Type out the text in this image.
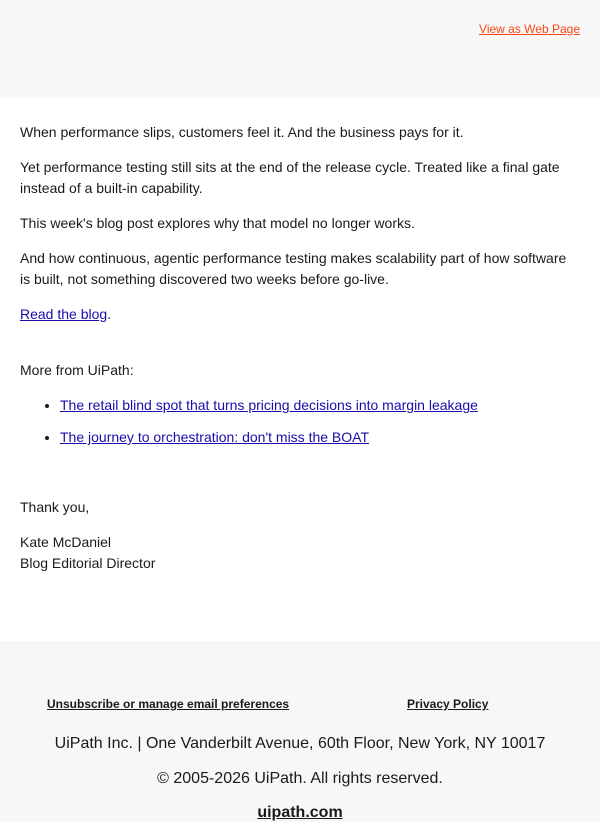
View as Web Page

When performance slips, customers feel it. And the business pays for it.

Yet performance testing still sits at the end of the release cycle. Treated like a final gate instead of a built-in capability.

This week's blog post explores why that model no longer works.

And how continuous, agentic performance testing makes scalability part of how software is built, not something discovered two weeks before go-live.

Read the blog.

More from UiPath:

• The retail blind spot that turns pricing decisions into margin leakage
• The journey to orchestration: don't miss the BOAT

Thank you,

Kate McDaniel

Blog Editorial Director

Unsubscribe or manage email preferences	Privacy Policy
UiPath Inc. | One Vanderbilt Avenue, 60th Floor, New York, NY 10017
© 2005-2026 UiPath. All rights reserved.
uipath.com
